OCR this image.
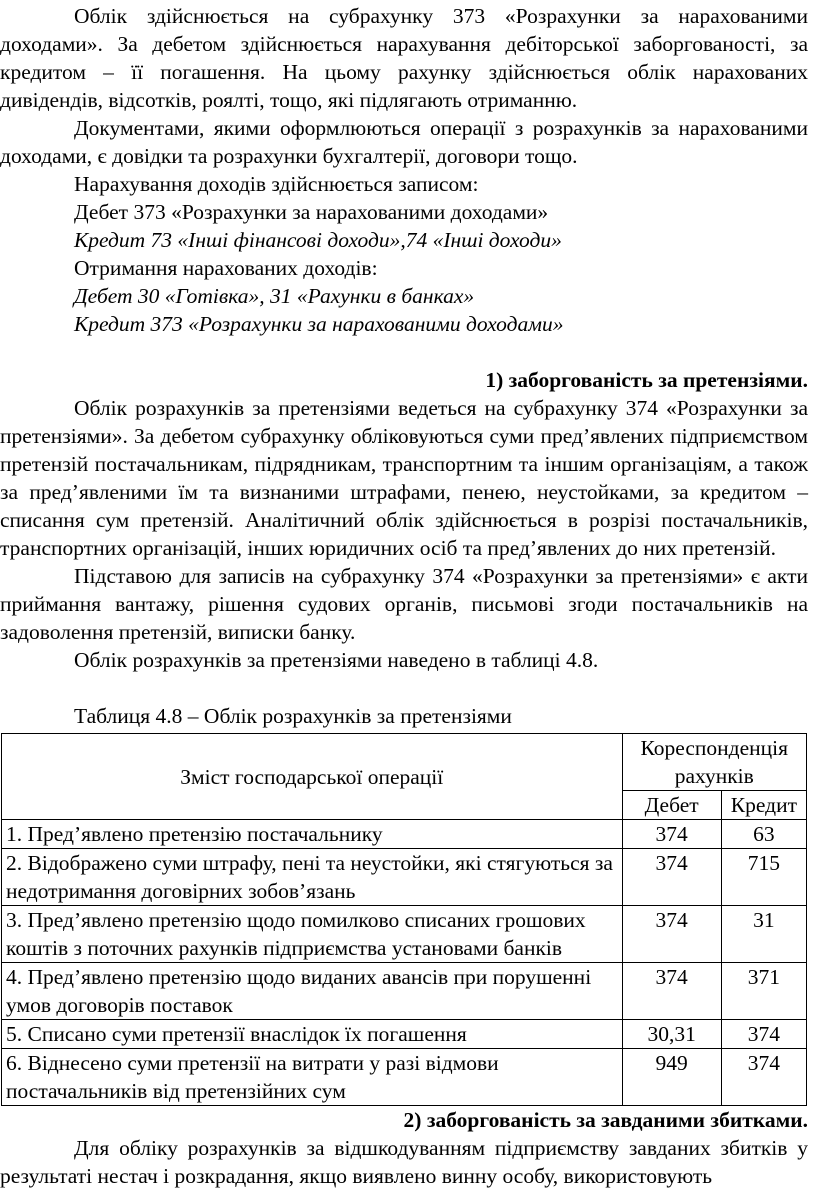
Облік здійснюється на субрахунку 373 «Розрахунки за нарахованими доходами». За дебетом здійснюється нарахування дебіторської заборгованості, за кредитом – її погашення. На цьому рахунку здійснюється облік нарахованих дивідендів, відсотків, роялті, тощо, які підлягають отриманню.

Документами, якими оформлюються операції з розрахунків за нарахованими доходами, є довідки та розрахунки бухгалтерії, договори тощо.

Нарахування доходів здійснюється записом:

Дебет 373 «Розрахунки за нарахованими доходами»

Кредит 73 «Інші фінансові доходи»,74 «Інші доходи»

Отримання нарахованих доходів:

Дебет 30 «Готівка», 31 «Рахунки в банках»

Кредит 373 «Розрахунки за нарахованими доходами»

1) заборгованість за претензіями.

Облік розрахунків за претензіями ведеться на субрахунку 374 «Розрахунки за претензіями». За дебетом субрахунку обліковуються суми пред’явлених підприємством претензій постачальникам, підрядникам, транспортним та іншим організаціям, а також за пред’явленими їм та визнаними штрафами, пенею, неустойками, за кредитом – списання сум претензій. Аналітичний облік здійснюється в розрізі постачальників, транспортних організацій, інших юридичних осіб та пред’явлених до них претензій.

Підставою для записів на субрахунку 374 «Розрахунки за претензіями» є акти приймання вантажу, рішення судових органів, письмові згоди постачальників на задоволення претензій, виписки банку.

Облік розрахунків за претензіями наведено в таблиці 4.8.

Таблиця 4.8 – Облік розрахунків за претензіями

Зміст господарської операції	Кореспонденція рахунків	
	Дебет	Кредит
1. Пред’явлено претензію постачальнику	374	63
2. Відображено суми штрафу, пені та неустойки, які стягуються за недотримання договірних зобов’язань	374	715
3. Пред’явлено претензію щодо помилково списаних грошових коштів з поточних рахунків підприємства установами банків	374	31
4. Пред’явлено претензію щодо виданих авансів при порушенні умов договорів поставок	374	371
5. Списано суми претензії внаслідок їх погашення	30,31	374
6. Віднесено суми претензії на витрати у разі відмови постачальників від претензійних сум	949	374

2) заборгованість за завданими збитками.

Для обліку розрахунків за відшкодуванням підприємству завданих збитків у результаті нестач і розкрадання, якщо виявлено винну особу, використовують
